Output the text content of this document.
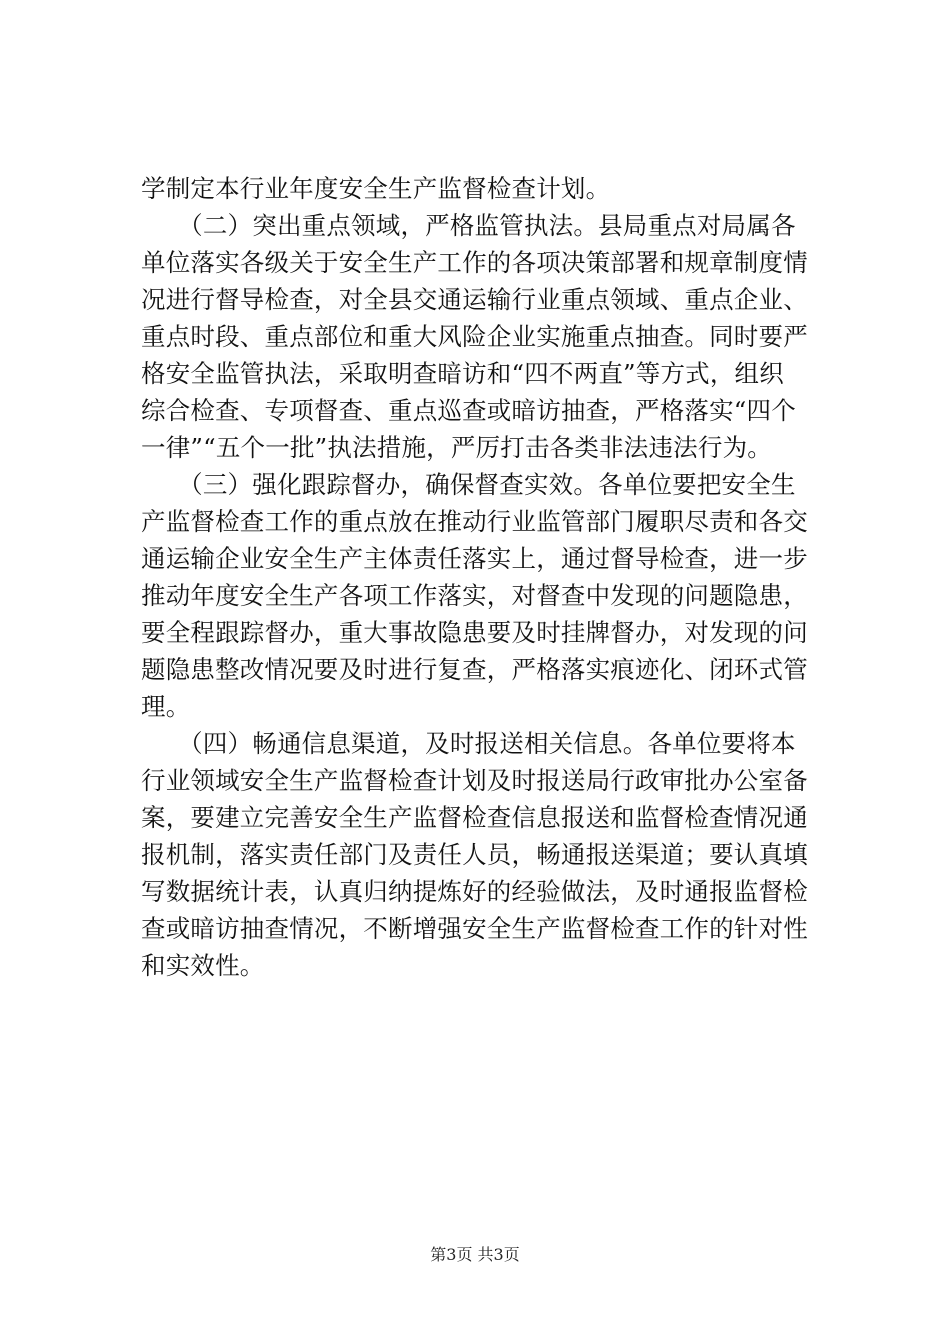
学制定本行业年度安全生产监督检查计划。
　　（二）突出重点领域，严格监管执法。县局重点对局属各
单位落实各级关于安全生产工作的各项决策部署和规章制度情
况进行督导检查，对全县交通运输行业重点领域、重点企业、
重点时段、重点部位和重大风险企业实施重点抽查。同时要严
格安全监管执法，采取明查暗访和“四不两直”等方式，组织
综合检查、专项督查、重点巡查或暗访抽查，严格落实“四个
一律”“五个一批”执法措施，严厉打击各类非法违法行为。
　　（三）强化跟踪督办，确保督查实效。各单位要把安全生
产监督检查工作的重点放在推动行业监管部门履职尽责和各交
通运输企业安全生产主体责任落实上，通过督导检查，进一步
推动年度安全生产各项工作落实，对督查中发现的问题隐患，
要全程跟踪督办，重大事故隐患要及时挂牌督办，对发现的问
题隐患整改情况要及时进行复查，严格落实痕迹化、闭环式管
理。
　　（四）畅通信息渠道，及时报送相关信息。各单位要将本
行业领域安全生产监督检查计划及时报送局行政审批办公室备
案，要建立完善安全生产监督检查信息报送和监督检查情况通
报机制，落实责任部门及责任人员，畅通报送渠道；要认真填
写数据统计表，认真归纳提炼好的经验做法，及时通报监督检
查或暗访抽查情况，不断增强安全生产监督检查工作的针对性
和实效性。
第3页 共3页
